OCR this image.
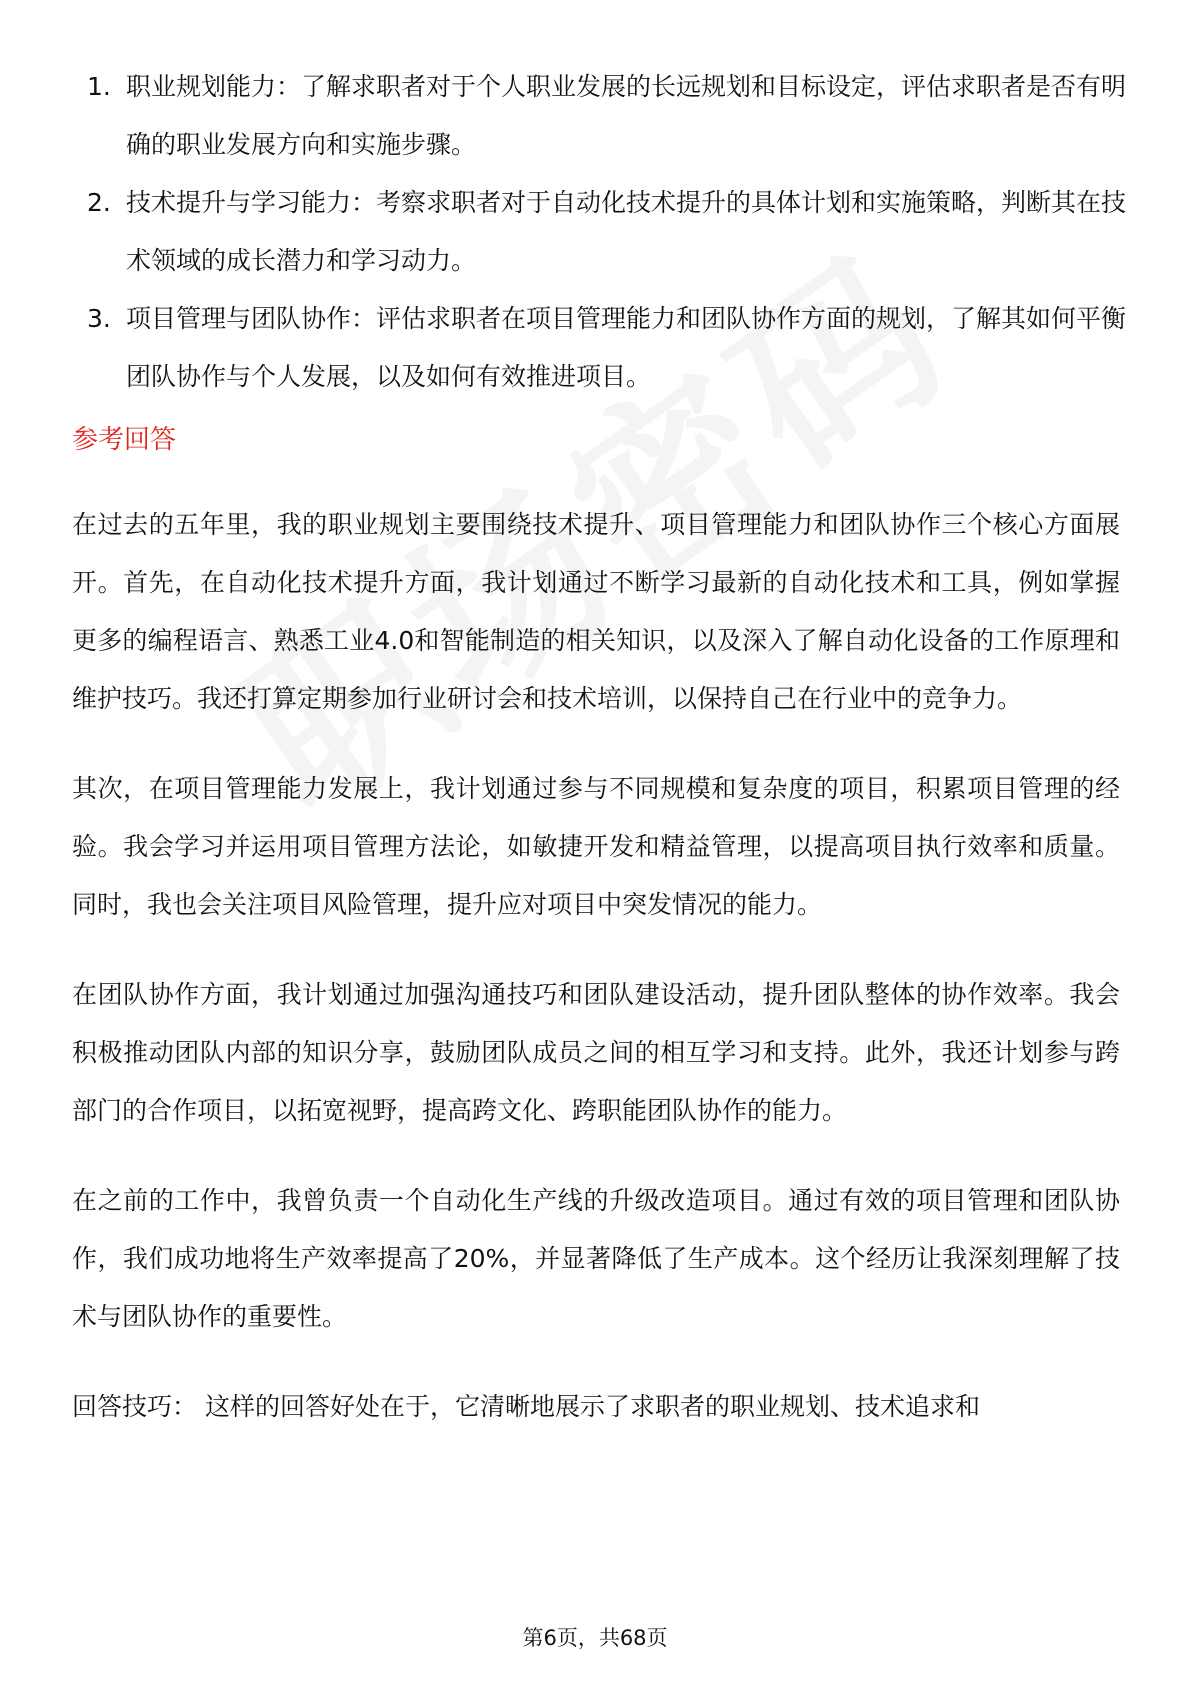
1. 职业规划能力：了解求职者对于个人职业发展的长远规划和目标设定，评估求职者是否有明确的职业发展方向和实施步骤。
2. 技术提升与学习能力：考察求职者对于自动化技术提升的具体计划和实施策略，判断其在技术领域的成长潜力和学习动力。
3. 项目管理与团队协作：评估求职者在项目管理能力和团队协作方面的规划，了解其如何平衡团队协作与个人发展，以及如何有效推进项目。
参考回答

在过去的五年里，我的职业规划主要围绕技术提升、项目管理能力和团队协作三个核心方面展开。首先，在自动化技术提升方面，我计划通过不断学习最新的自动化技术和工具，例如掌握更多的编程语言、熟悉工业4.0和智能制造的相关知识，以及深入了解自动化设备的工作原理和维护技巧。我还打算定期参加行业研讨会和技术培训，以保持自己在行业中的竞争力。

其次，在项目管理能力发展上，我计划通过参与不同规模和复杂度的项目，积累项目管理的经验。我会学习并运用项目管理方法论，如敏捷开发和精益管理，以提高项目执行效率和质量。同时，我也会关注项目风险管理，提升应对项目中突发情况的能力。

在团队协作方面，我计划通过加强沟通技巧和团队建设活动，提升团队整体的协作效率。我会积极推动团队内部的知识分享，鼓励团队成员之间的相互学习和支持。此外，我还计划参与跨部门的合作项目，以拓宽视野，提高跨文化、跨职能团队协作的能力。

在之前的工作中，我曾负责一个自动化生产线的升级改造项目。通过有效的项目管理和团队协作，我们成功地将生产效率提高了20%，并显著降低了生产成本。这个经历让我深刻理解了技术与团队协作的重要性。

回答技巧： 这样的回答好处在于，它清晰地展示了求职者的职业规划、技术追求和

第6页，共68页
